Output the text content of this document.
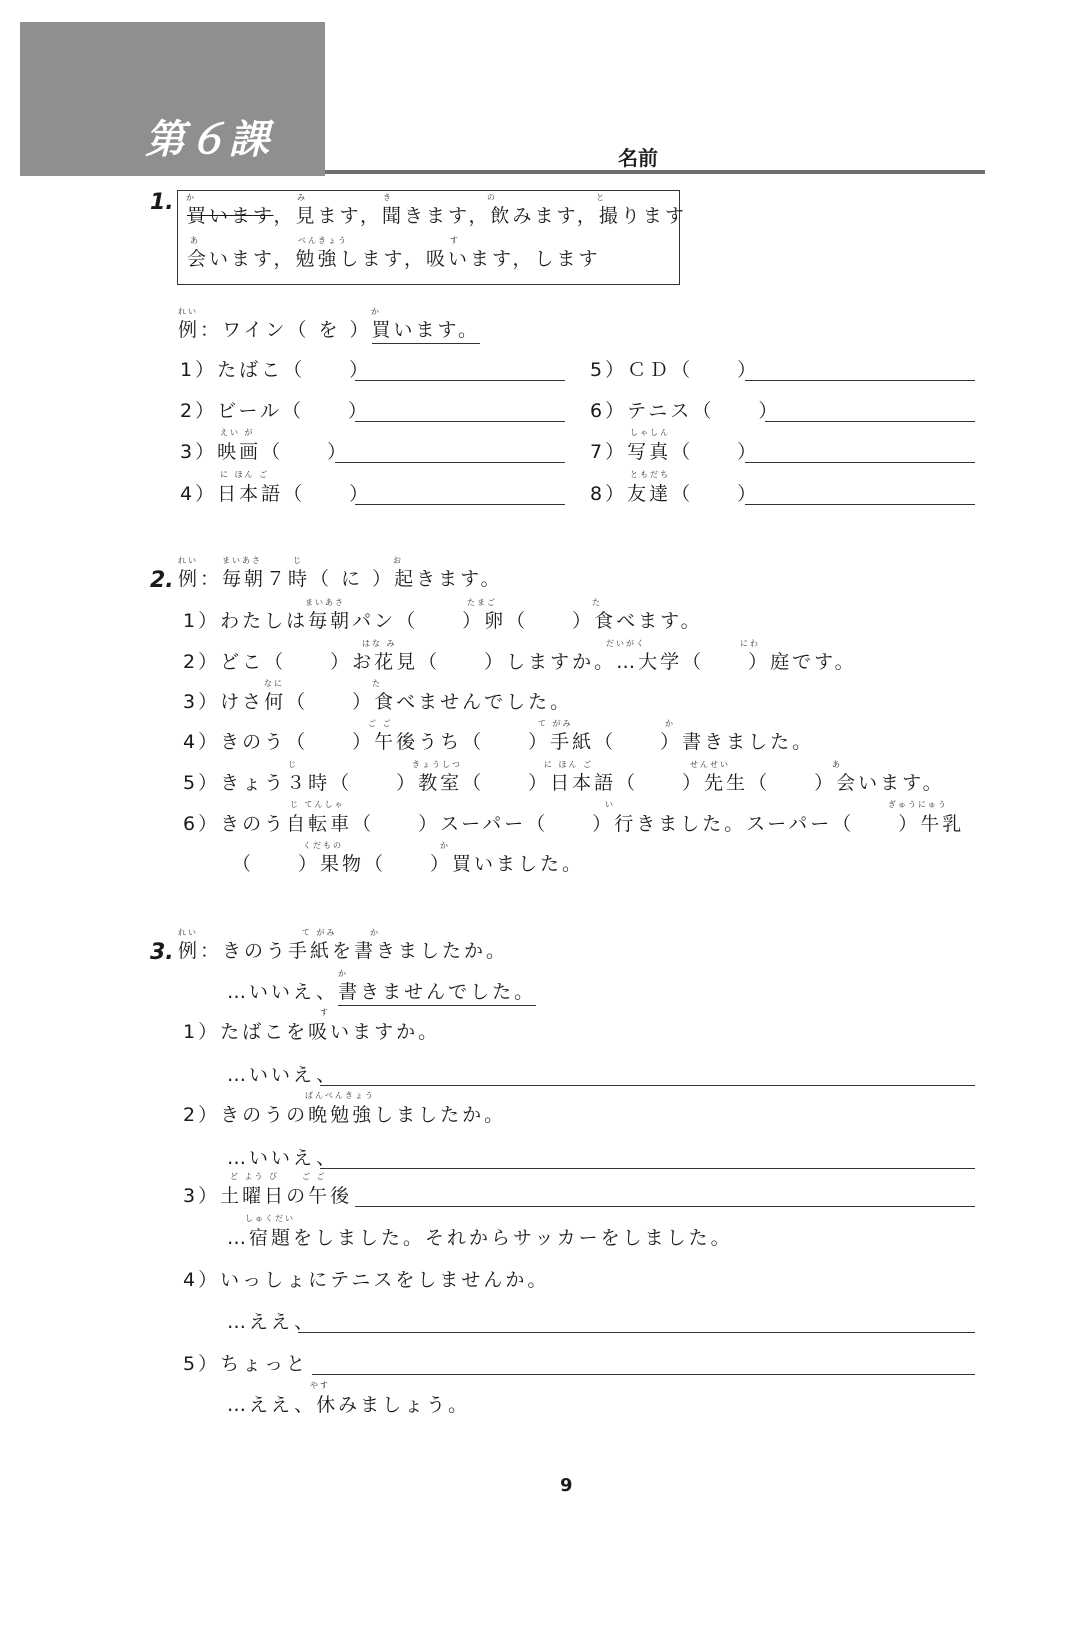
第６課	名前
1. か	み	き	の	と
買います，見ます，聞きます，飲みます，撮ります
あ	べんきょう	す
会います，勉強します，吸います，します
れい	か
例：ワイン（ を ）買います。
1）たばこ（　　）
2）ビール（　　）
えい が
3）映画（　　）
に ほん ご
4）日本語（　　）
5）ＣＤ（　　）
6）テニス（　　）
しゃしん
7）写真（　　）
ともだち
8）友達（　　）
2.
れい	まいあさ	じ	お
例：毎朝７時（ に ）起きます。
まいあさ	たまご	た
1）わたしは毎朝パン（　　）卵（　　）食べます。
はな み	だいがく	にわ
2）どこ（　　）お花見（　　）しますか。…大学（　　）庭です。
なに	た
3）けさ何（　　）食べませんでした。
ご ご	て がみ	か
4）きのう（　　）午後うち（　　）手紙（　　）書きました。
じ	きょうしつ	に ほん ご	せんせい	あ
5）きょう３時（　　）教室（　　）日本語（　　）先生（　　）会います。
じ てんしゃ	い	ぎゅうにゅう
6）きのう自転車（　　）スーパー（　　）行きました。スーパー（　　）牛乳
くだもの	か
（　　）果物（　　）買いました。
3.
れい	て がみ	か
例：きのう手紙を書きましたか。
か
…いいえ、書きませんでした。
す
1）たばこを吸いますか。
…いいえ、
ばんべんきょう
2）きのうの晩勉強しましたか。
…いいえ、
ど よう び	ご ご
3）土曜日の午後
しゅくだい
…宿題をしました。それからサッカーをしました。
4）いっしょにテニスをしませんか。
…ええ、
5）ちょっと
やす
…ええ、休みましょう。
9
